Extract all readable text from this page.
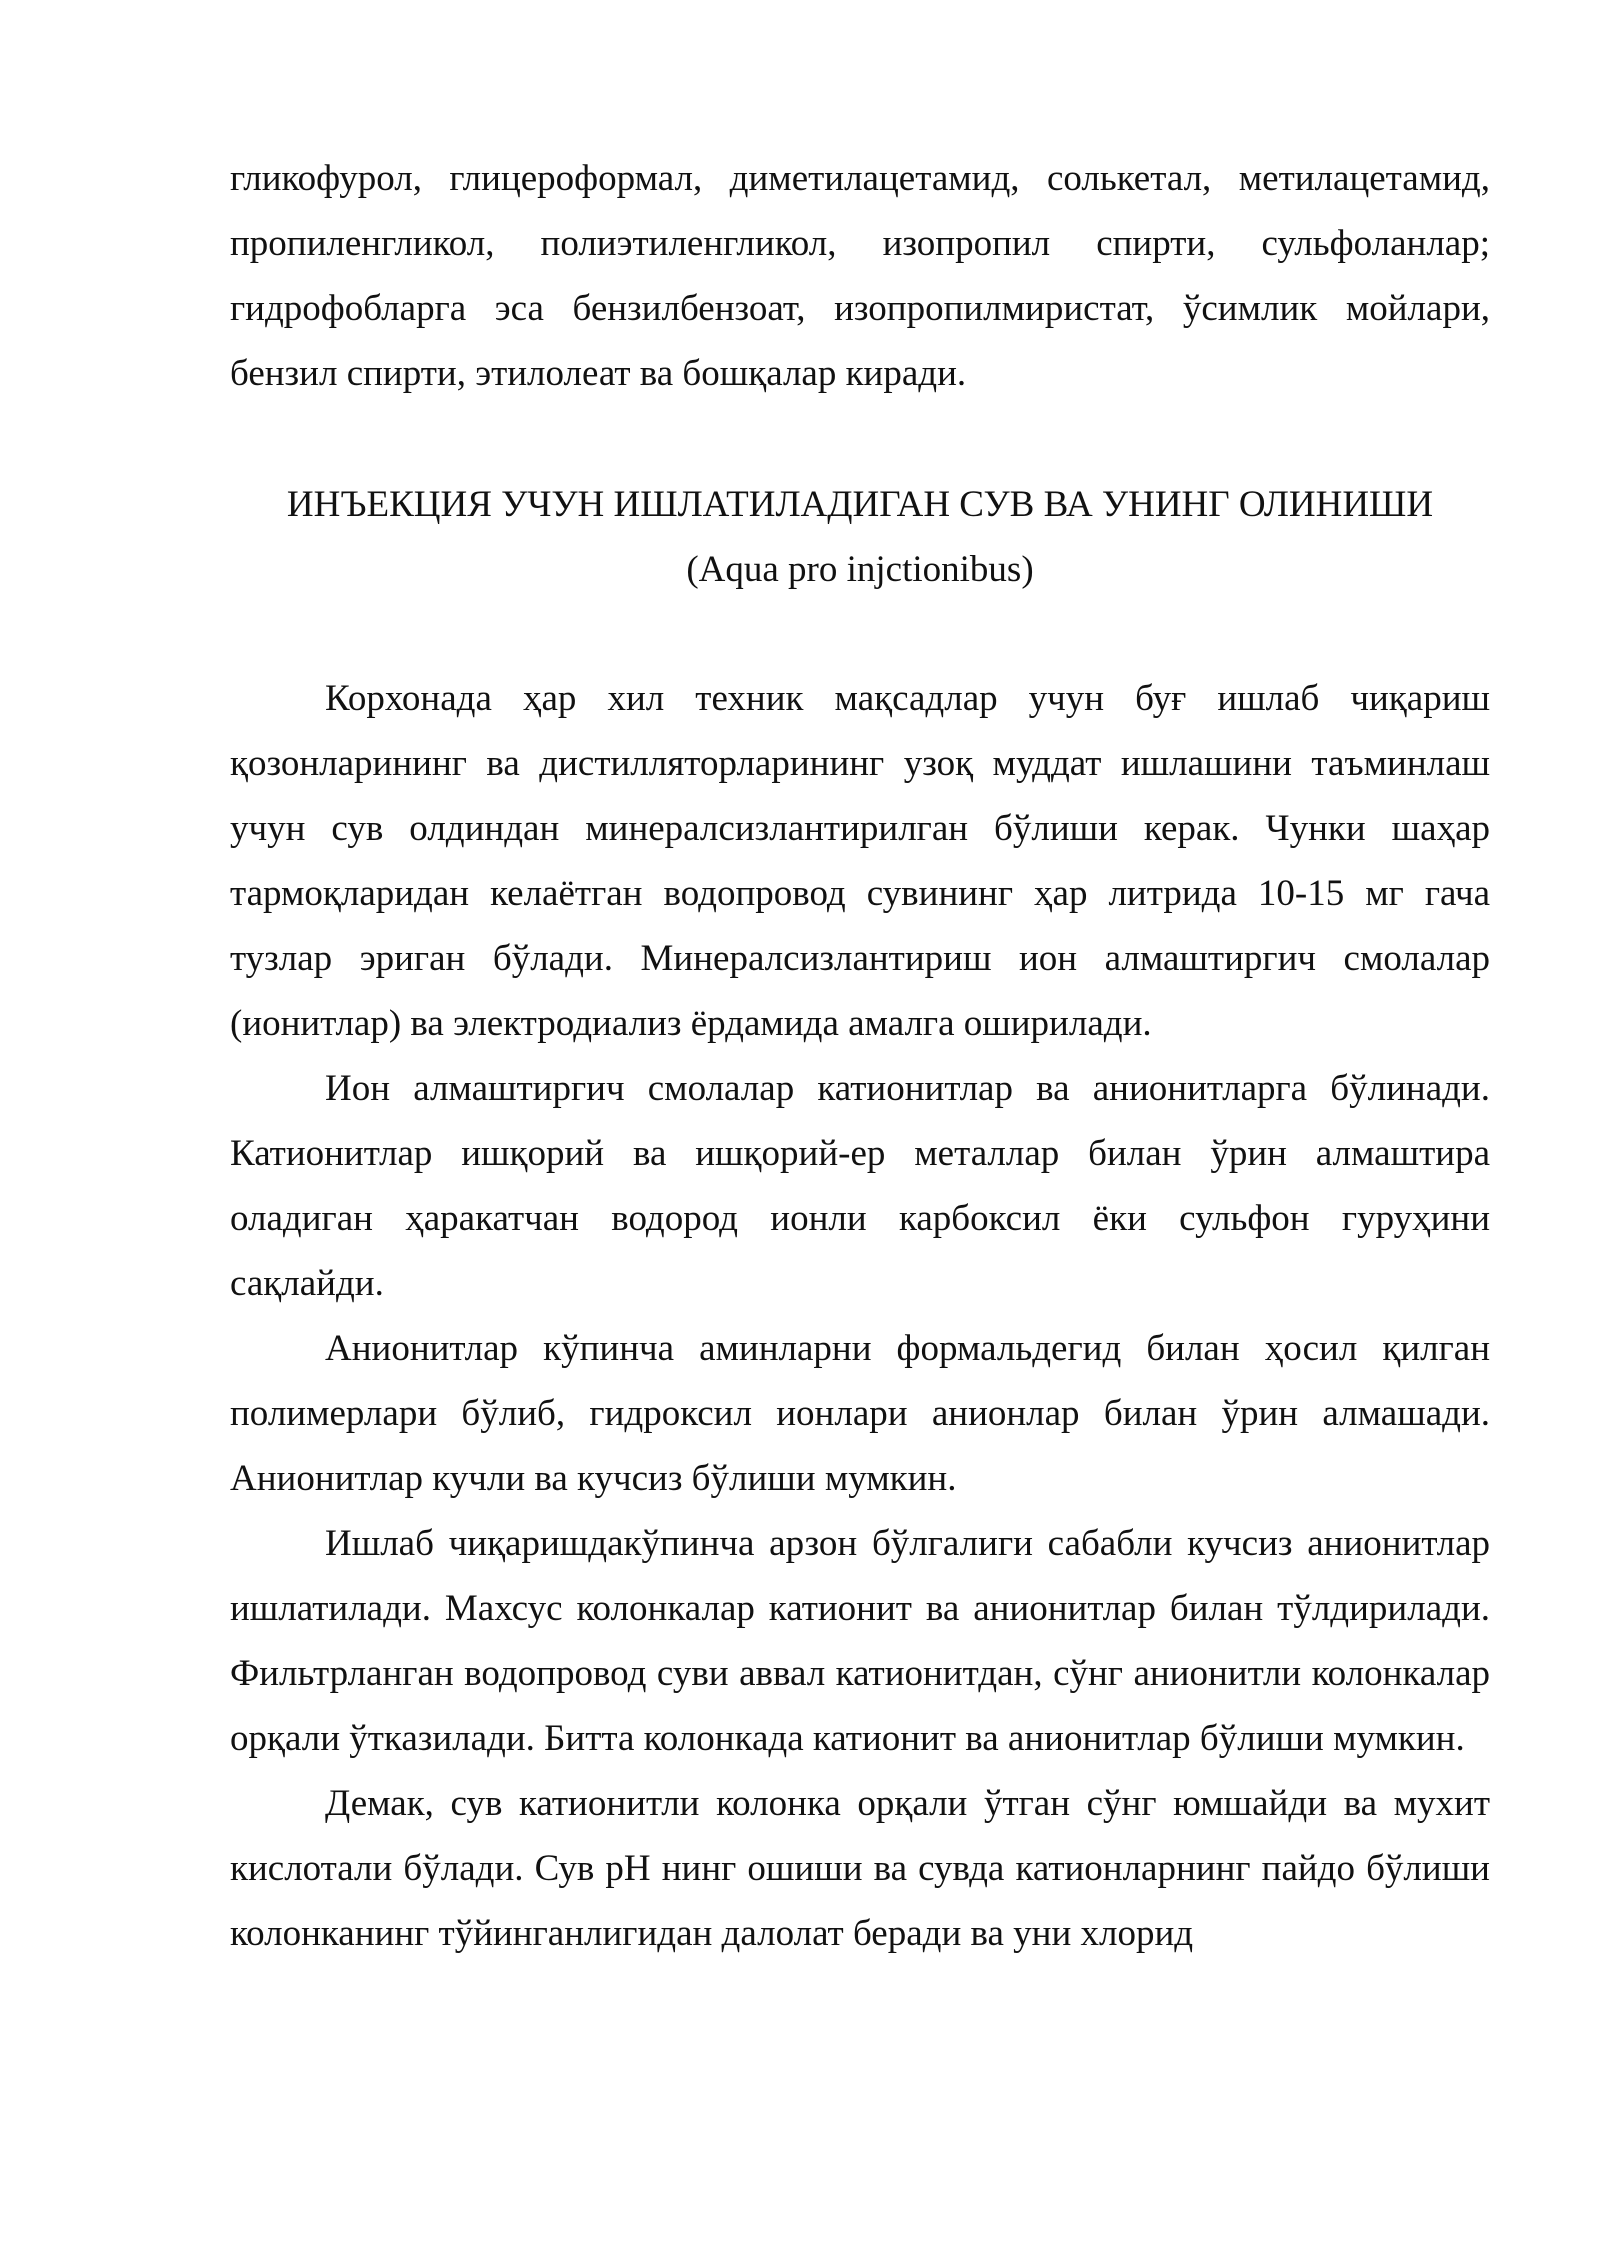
гликофурол, глицероформал, диметилацетамид, солькетал, метилацетамид, пропиленгликол, полиэтиленгликол, изопропил спирти, сульфоланлар; гидрофобларга эса бензилбензоат, изопропилмиристат, ўсимлик мойлари, бензил спирти, этилолеат ва бошқалар киради.

ИНЪЕКЦИЯ УЧУН ИШЛАТИЛАДИГАН СУВ ВА УНИНГ ОЛИНИШИ
(Aqua pro injctionibus)

Корхонада ҳар хил техник мақсадлар учун буғ ишлаб чиқариш қозонларининг ва дистилляторларининг узоқ муддат ишлашини таъминлаш учун сув олдиндан минералсизлантирилган бўлиши керак. Чунки шаҳар тармоқларидан келаётган водопровод сувининг ҳар литрида 10-15 мг гача тузлар эриган бўлади. Минералсизлантириш ион алмаштиргич смолалар (ионитлар) ва электродиализ ёрдамида амалга оширилади.

Ион алмаштиргич смолалар катионитлар ва анионитларга бўлинади. Катионитлар ишқорий ва ишқорий-ер металлар билан ўрин алмаштира оладиган ҳаракатчан водород ионли карбоксил ёки сульфон гуруҳини сақлайди.

Анионитлар кўпинча аминларни формальдегид билан ҳосил қилган полимерлари бўлиб, гидроксил ионлари анионлар билан ўрин алмашади. Анионитлар кучли ва кучсиз бўлиши мумкин.

Ишлаб чиқаришдакўпинча арзон бўлгалиги сабабли кучсиз анионитлар ишлатилади. Махсус колонкалар катионит ва анионитлар билан тўлдирилади. Фильтрланган водопровод суви аввал катионитдан, сўнг анионитли колонкалар орқали ўтказилади. Битта колонкада катионит ва анионитлар бўлиши мумкин.

Демак, сув катионитли колонка орқали ўтган сўнг юмшайди ва мухит кислотали бўлади. Сув pH нинг ошиши ва сувда катионларнинг пайдо бўлиши колонканинг тўйинганлигидан далолат беради ва уни хлорид
